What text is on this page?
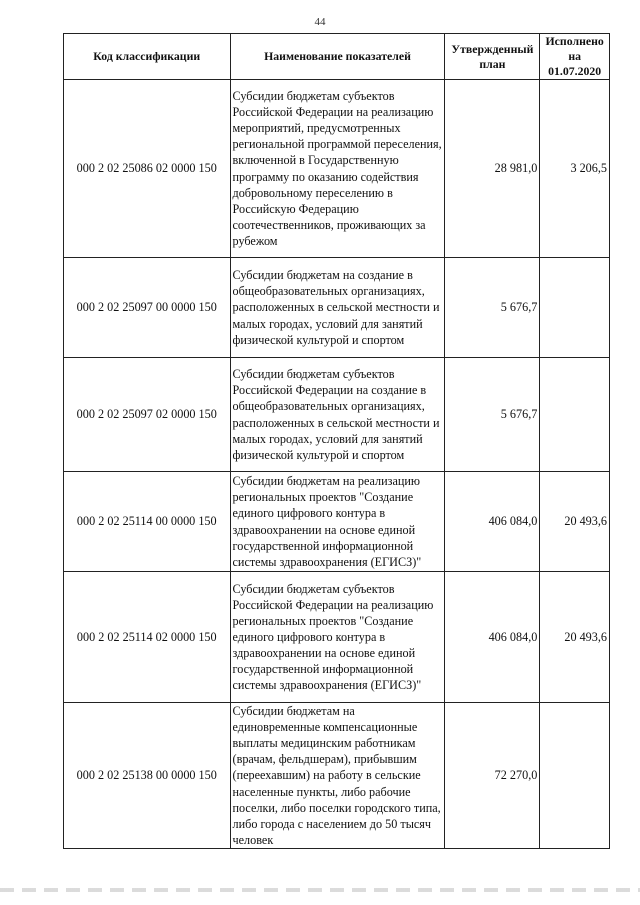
44
Код классификации	Наименование показателей	Утвержденный план	Исполнено на 01.07.2020
000 2 02 25086 02 0000 150	Субсидии бюджетам субъектов Российской Федерации на реализацию мероприятий, предусмотренных региональной программой переселения, включенной в Государственную программу по оказанию содействия добровольному переселению в Российскую Федерацию соотечественников, проживающих за рубежом	28 981,0	3 206,5
000 2 02 25097 00 0000 150	Субсидии бюджетам на создание в общеобразовательных организациях, расположенных в сельской местности и малых городах, условий для занятий физической культурой и спортом	5 676,7	
000 2 02 25097 02 0000 150	Субсидии бюджетам субъектов Российской Федерации на создание в общеобразовательных организациях, расположенных в сельской местности и малых городах, условий для занятий физической культурой и спортом	5 676,7	
000 2 02 25114 00 0000 150	Субсидии бюджетам на реализацию региональных проектов "Создание единого цифрового контура в здравоохранении на основе единой государственной информационной системы здравоохранения (ЕГИСЗ)"	406 084,0	20 493,6
000 2 02 25114 02 0000 150	Субсидии бюджетам субъектов Российской Федерации на реализацию региональных проектов "Создание единого цифрового контура в здравоохранении на основе единой государственной информационной системы здравоохранения (ЕГИСЗ)"	406 084,0	20 493,6
000 2 02 25138 00 0000 150	Субсидии бюджетам на единовременные компенсационные выплаты медицинским работникам (врачам, фельдшерам), прибывшим (переехавшим) на работу в сельские населенные пункты, либо рабочие поселки, либо поселки городского типа, либо города с населением до 50 тысяч человек	72 270,0	
